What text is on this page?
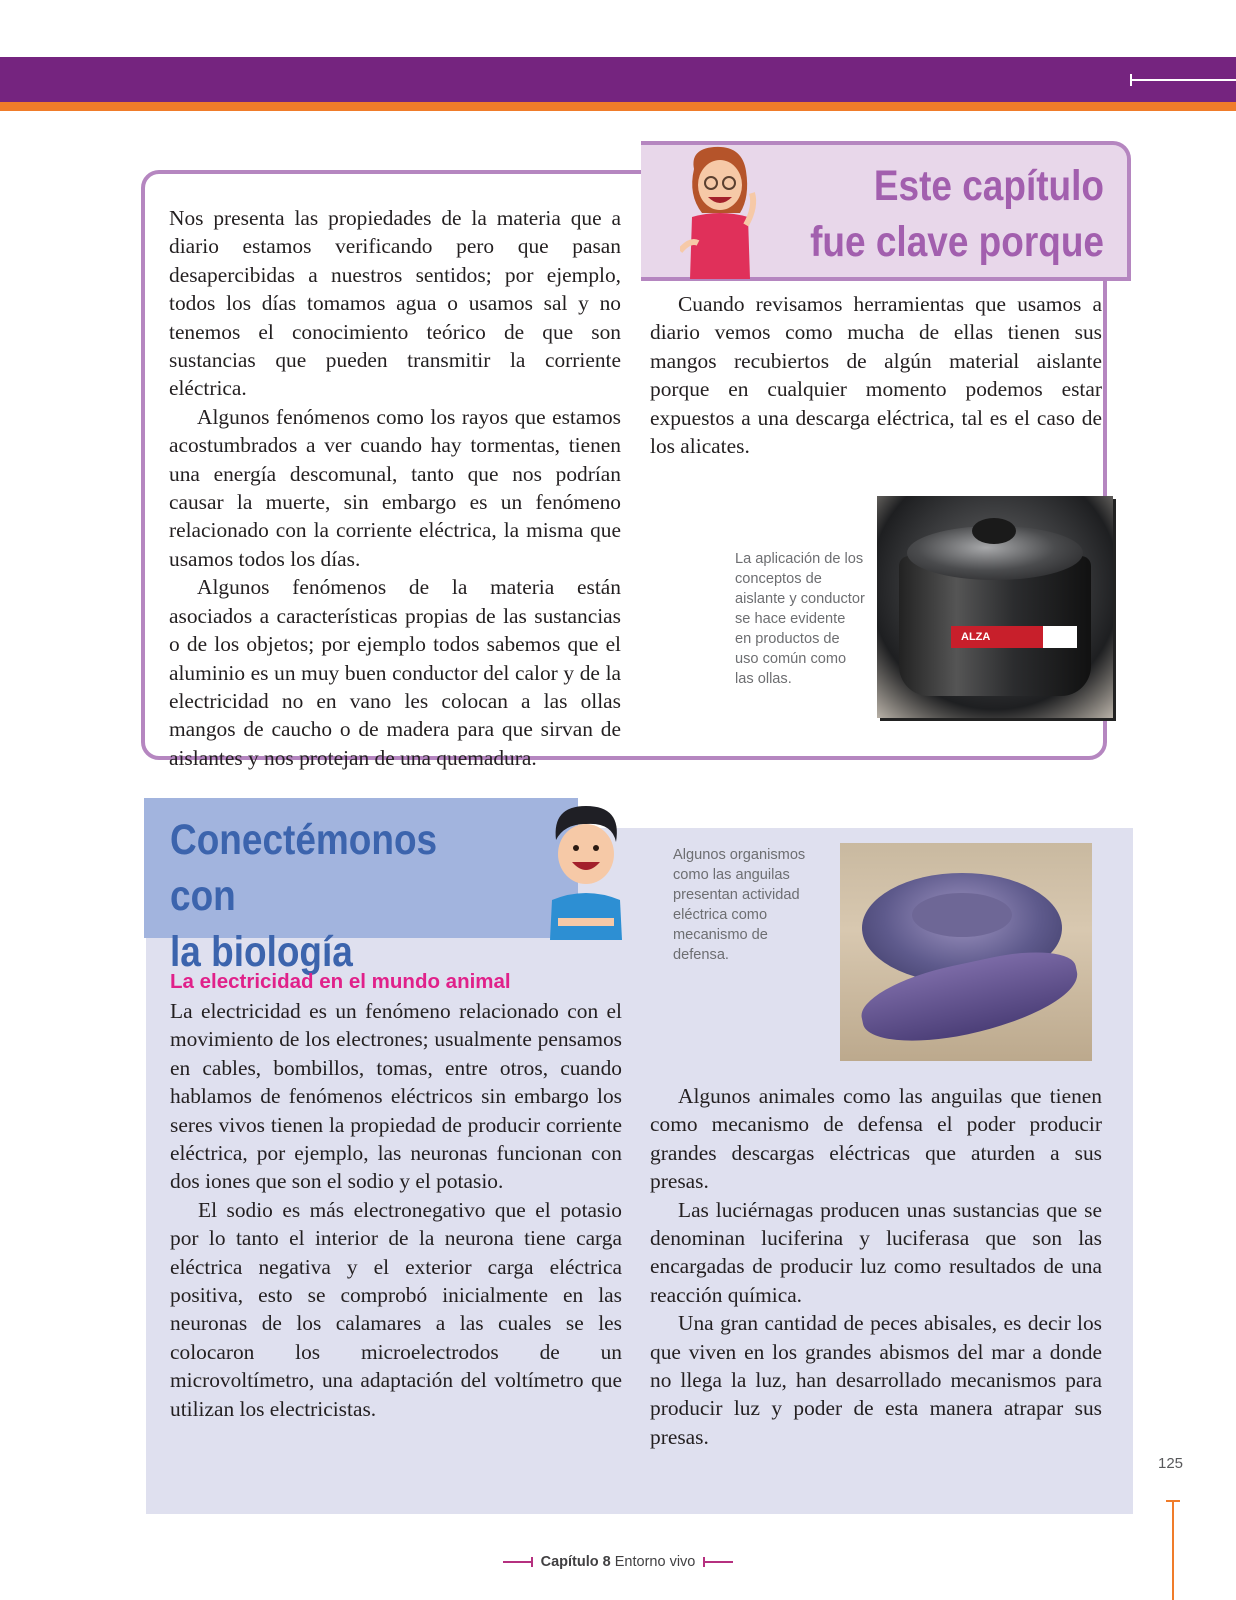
Este capítulo
fue clave porque

Nos presenta las propiedades de la materia que a diario estamos verificando pero que pasan desapercibidas a nuestros sentidos; por ejemplo, todos los días tomamos agua o usamos sal y no tenemos el conocimiento teórico de que son sustancias que pueden transmitir la corriente eléctrica.

Algunos fenómenos como los rayos que estamos acostumbrados a ver cuando hay tormentas, tienen una energía descomunal, tanto que nos podrían causar la muerte, sin embargo es un fenómeno relacionado con la corriente eléctrica, la misma que usamos todos los días.

Algunos fenómenos de la materia están asociados a características propias de las sustancias o de los objetos; por ejemplo todos sabemos que el aluminio es un muy buen conductor del calor y de la electricidad no en vano les colocan a las ollas mangos de caucho o de madera para que sirvan de aislantes y nos protejan de una quemadura.

Cuando revisamos herramientas que usamos a diario vemos como mucha de ellas tienen sus mangos recubiertos de algún material aislante porque en cualquier momento podemos estar expuestos a una descarga eléctrica, tal es el caso de los alicates.

La aplicación de los conceptos de aislante y conductor se hace evidente en productos de uso común como las ollas.
ALZA
Conectémonos con
la biología
La electricidad en el mundo animal

La electricidad es un fenómeno relacionado con el movimiento de los electrones; usualmente pensamos en cables, bombillos, tomas, entre otros, cuando hablamos de fenómenos eléctricos sin embargo los seres vivos tienen la propiedad de producir corriente eléctrica, por ejemplo, las neuronas funcionan con dos iones que son el sodio y el potasio.

El sodio es más electronegativo que el potasio por lo tanto el interior de la neurona tiene carga eléctrica negativa y el exterior carga eléctrica positiva, esto se comprobó inicialmente en las neuronas de los calamares a las cuales se les colocaron los microelectrodos de un microvoltímetro, una adaptación del voltímetro que utilizan los electricistas.

Algunos organismos como las anguilas presentan actividad eléctrica como mecanismo de defensa.

Algunos animales como las anguilas que tienen como mecanismo de defensa el poder producir grandes descargas eléctricas que aturden a sus presas.

Las luciérnagas producen unas sustancias que se denominan luciferina y luciferasa que son las encargadas de producir luz como resultados de una reacción química.

Una gran cantidad de peces abisales, es decir los que viven en los grandes abismos del mar a donde no llega la luz, han desarrollado mecanismos para producir luz y poder de esta manera atrapar sus presas.

125
Capítulo 8 Entorno vivo
